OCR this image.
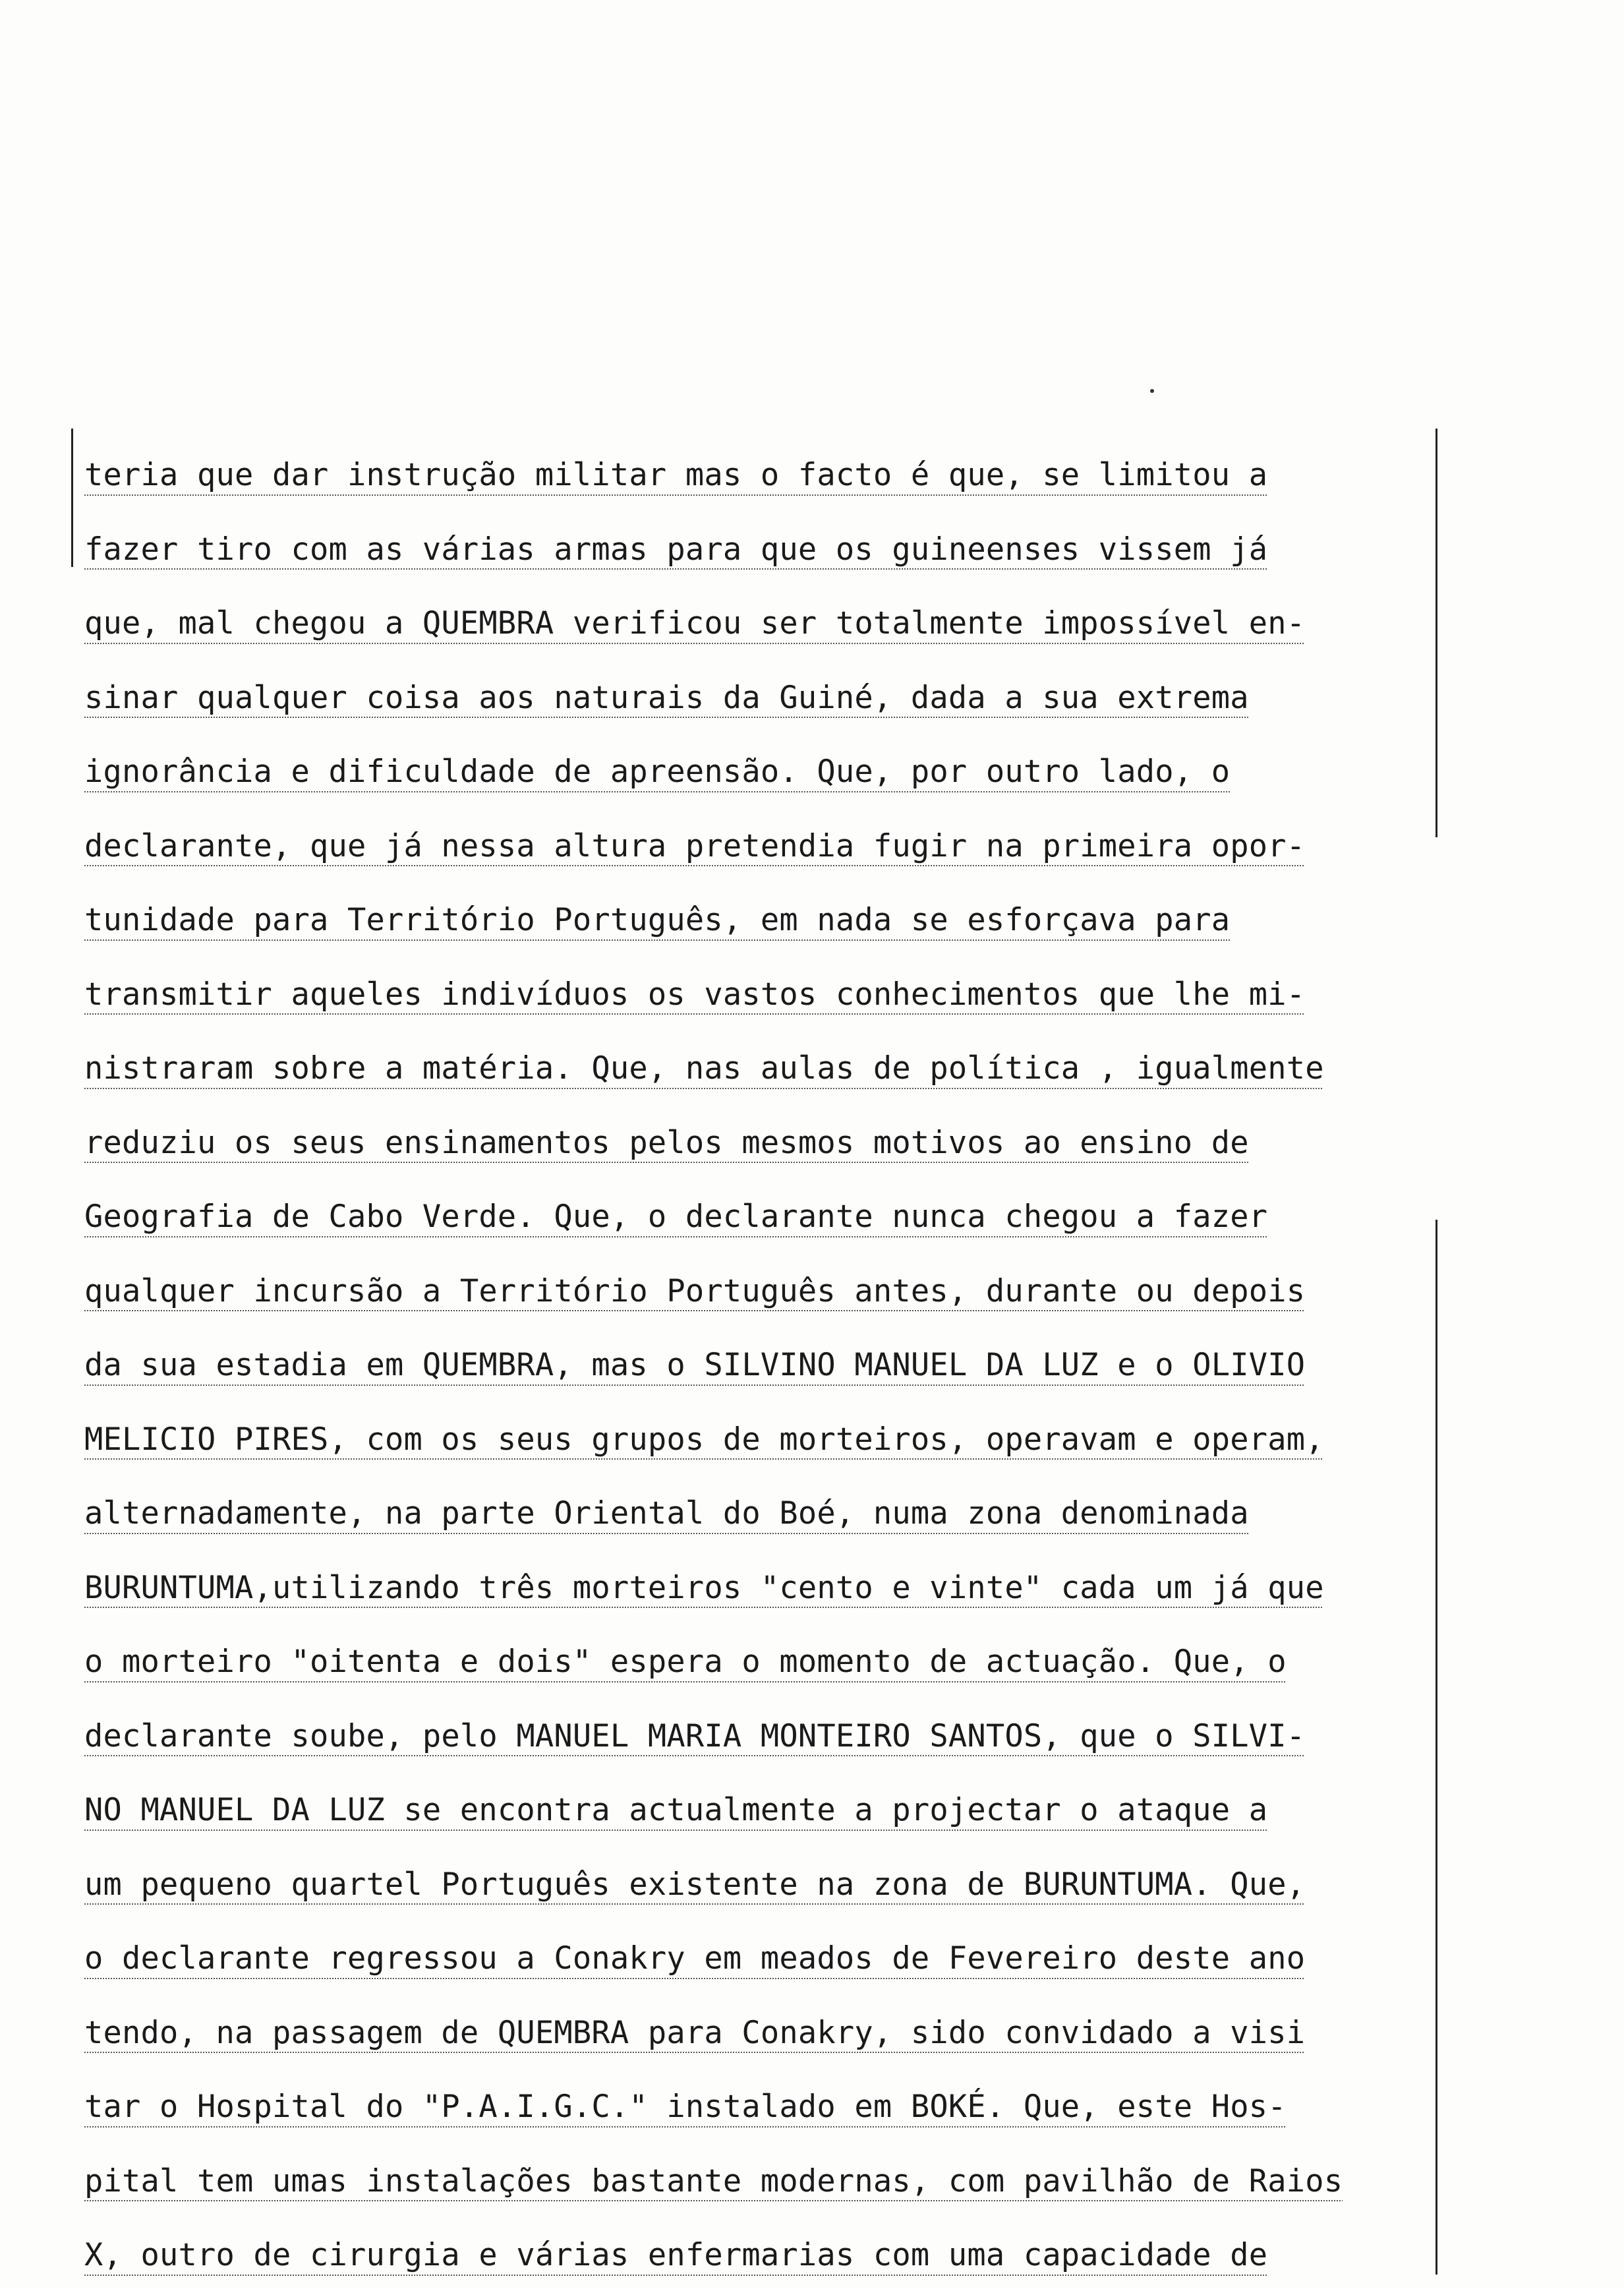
teria que dar instrução militar mas o facto é que, se limitou a
fazer tiro com as várias armas para que os guineenses vissem já
que, mal chegou a QUEMBRA verificou ser totalmente impossível en-
sinar qualquer coisa aos naturais da Guiné, dada a sua extrema
ignorância e dificuldade de apreensão. Que, por outro lado, o
declarante, que já nessa altura pretendia fugir na primeira opor-
tunidade para Território Português, em nada se esforçava para
transmitir aqueles indivíduos os vastos conhecimentos que lhe mi-
nistraram sobre a matéria. Que, nas aulas de política , igualmente
reduziu os seus ensinamentos pelos mesmos motivos ao ensino de
Geografia de Cabo Verde. Que, o declarante nunca chegou a fazer
qualquer incursão a Território Português antes, durante ou depois
da sua estadia em QUEMBRA, mas o SILVINO MANUEL DA LUZ e o OLIVIO
MELICIO PIRES, com os seus grupos de morteiros, operavam e operam,
alternadamente, na parte Oriental do Boé, numa zona denominada
BURUNTUMA,utilizando três morteiros "cento e vinte" cada um já que
o morteiro "oitenta e dois" espera o momento de actuação. Que, o
declarante soube, pelo MANUEL MARIA MONTEIRO SANTOS, que o SILVI-
NO MANUEL DA LUZ se encontra actualmente a projectar o ataque a
um pequeno quartel Português existente na zona de BURUNTUMA. Que,
o declarante regressou a Conakry em meados de Fevereiro deste ano
tendo, na passagem de QUEMBRA para Conakry, sido convidado a visi
tar o Hospital do "P.A.I.G.C." instalado em BOKÉ. Que, este Hos-
pital tem umas instalações bastante modernas, com pavilhão de Raios
X, outro de cirurgia e várias enfermarias com uma capacidade de
